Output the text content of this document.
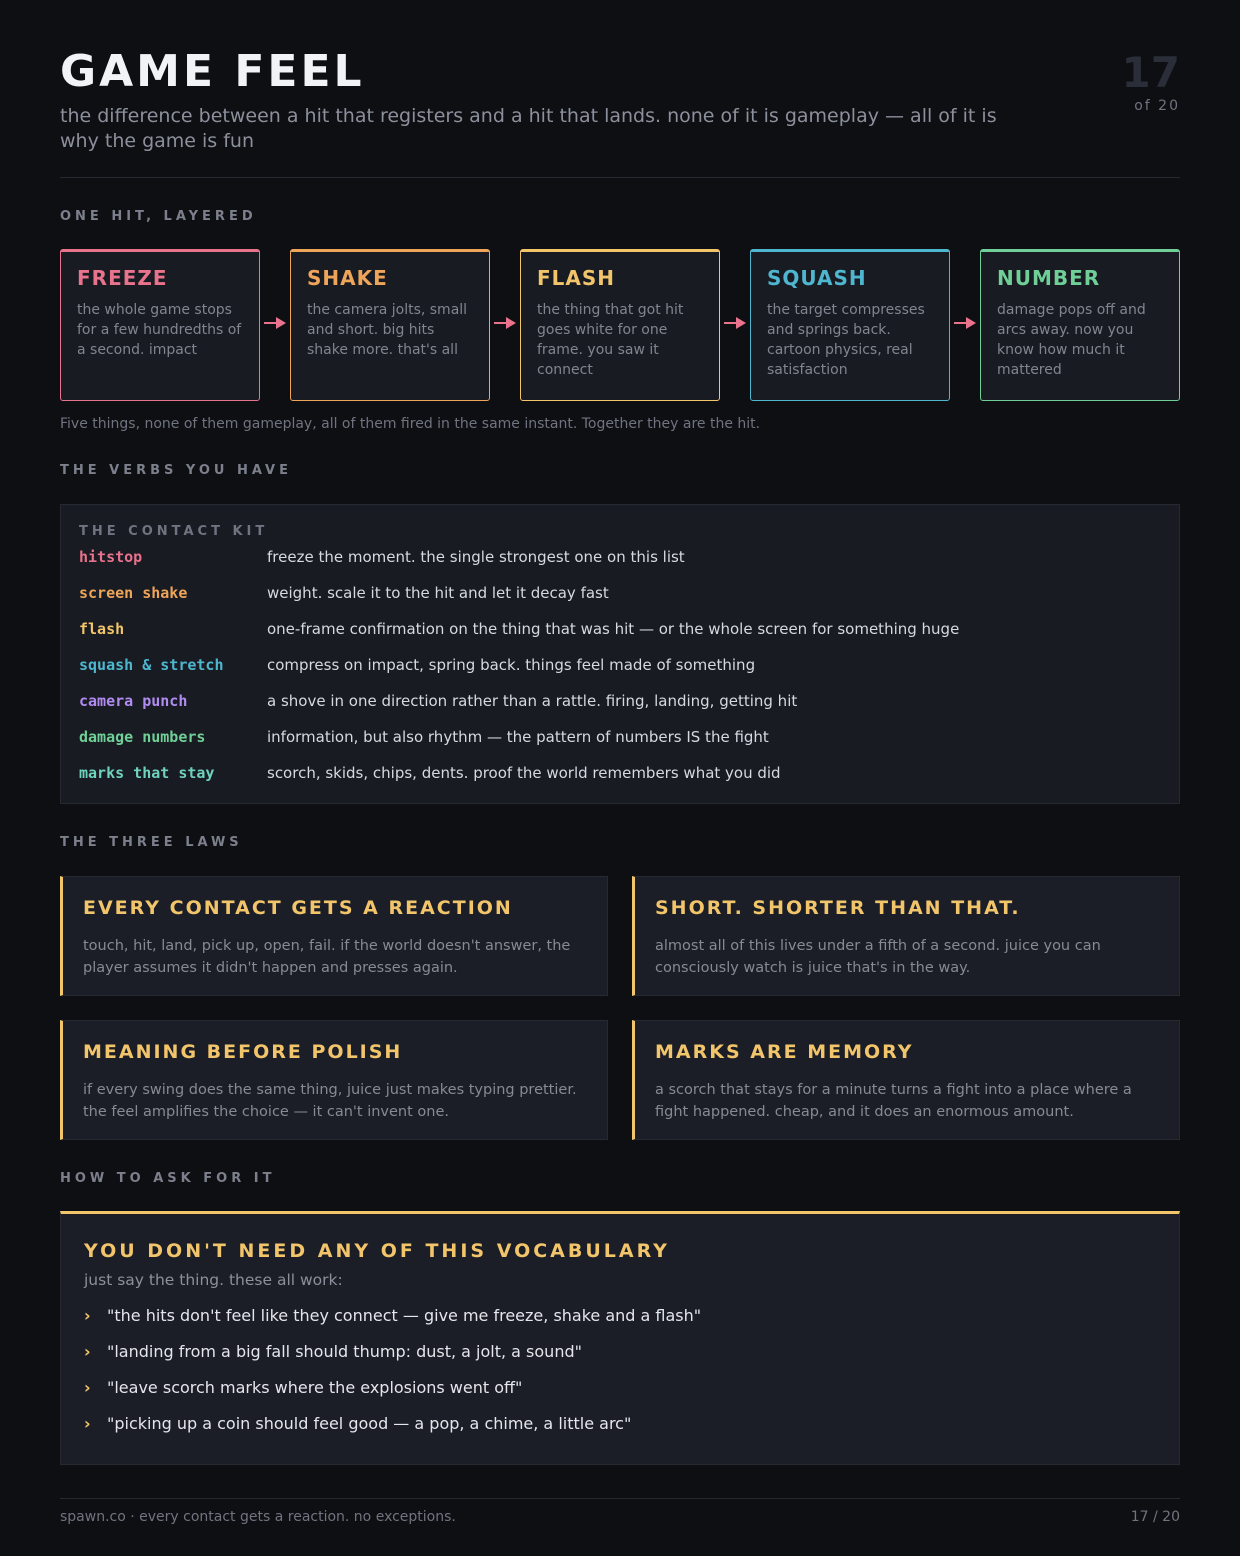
GAME FEEL

the difference between a hit that registers and a hit that lands. none of it is gameplay — all of it is why the game is fun

17
of 20
ONE HIT, LAYERED
FREEZE
the whole game stops for a few hundredths of a second. impact
SHAKE
the camera jolts, small and short. big hits shake more. that's all
FLASH
the thing that got hit goes white for one frame. you saw it connect
SQUASH
the target compresses and springs back. cartoon physics, real satisfaction
NUMBER
damage pops off and arcs away. now you know how much it mattered
Five things, none of them gameplay, all of them fired in the same instant. Together they are the hit.
THE VERBS YOU HAVE
THE CONTACT KIT
hitstop	freeze the moment. the single strongest one on this list
screen shake	weight. scale it to the hit and let it decay fast
flash	one-frame confirmation on the thing that was hit — or the whole screen for something huge
squash & stretch	compress on impact, spring back. things feel made of something
camera punch	a shove in one direction rather than a rattle. firing, landing, getting hit
damage numbers	information, but also rhythm — the pattern of numbers IS the fight
marks that stay	scorch, skids, chips, dents. proof the world remembers what you did
THE THREE LAWS
EVERY CONTACT GETS A REACTION
touch, hit, land, pick up, open, fail. if the world doesn't answer, the player assumes it didn't happen and presses again.
SHORT. SHORTER THAN THAT.
almost all of this lives under a fifth of a second. juice you can consciously watch is juice that's in the way.
MEANING BEFORE POLISH
if every swing does the same thing, juice just makes typing prettier. the feel amplifies the choice — it can't invent one.
MARKS ARE MEMORY
a scorch that stays for a minute turns a fight into a place where a fight happened. cheap, and it does an enormous amount.
HOW TO ASK FOR IT
YOU DON'T NEED ANY OF THIS VOCABULARY
just say the thing. these all work:
› "the hits don't feel like they connect — give me freeze, shake and a flash"
› "landing from a big fall should thump: dust, a jolt, a sound"
› "leave scorch marks where the explosions went off"
› "picking up a coin should feel good — a pop, a chime, a little arc"
spawn.co · every contact gets a reaction. no exceptions.	17 / 20
